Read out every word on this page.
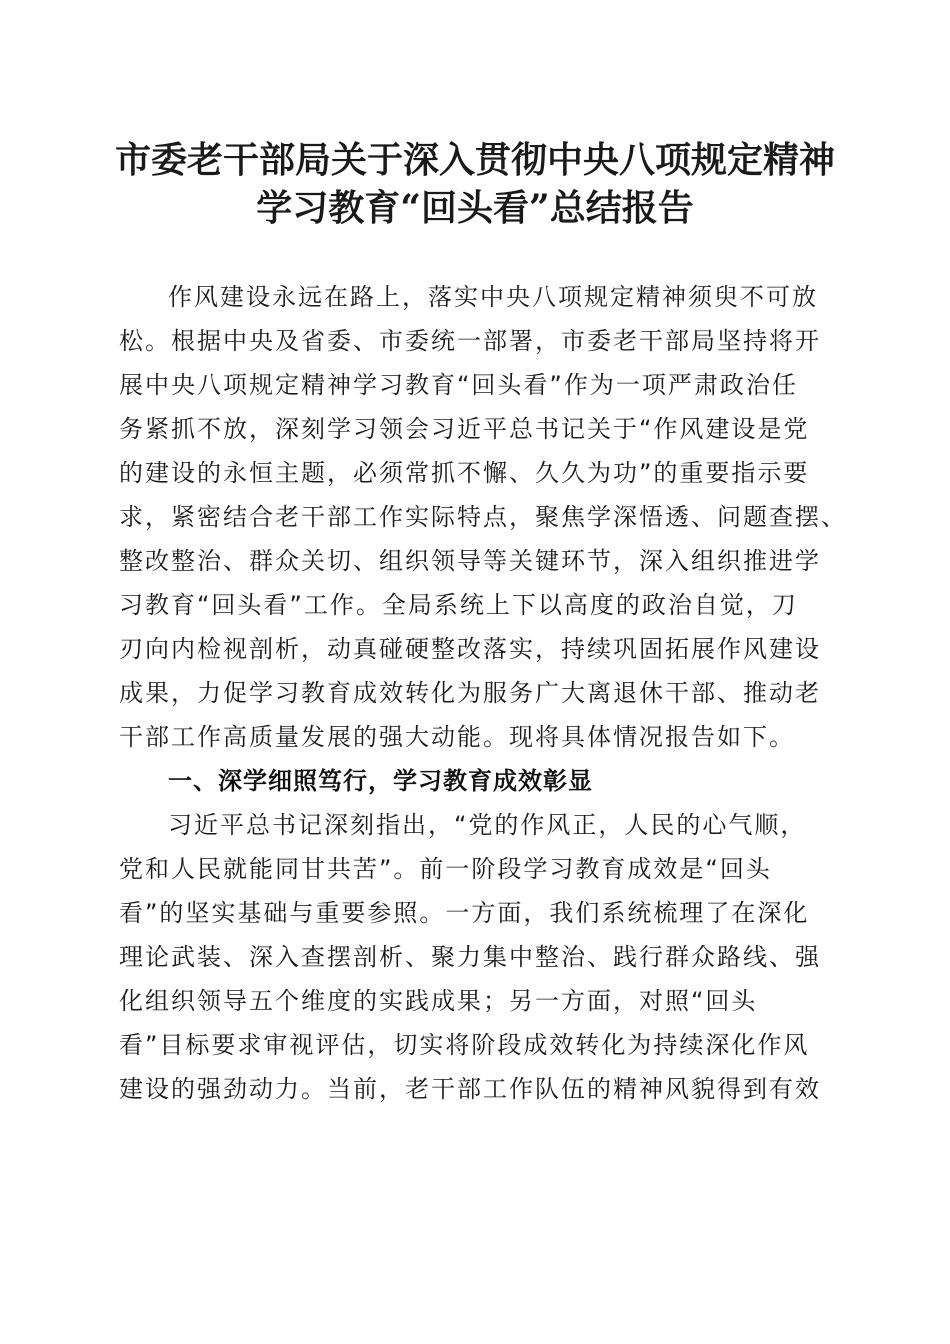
市委老干部局关于深入贯彻中央八项规定精神
学习教育“回头看”总结报告
作风建设永远在路上，落实中央八项规定精神须臾不可放
松。根据中央及省委、市委统一部署，市委老干部局坚持将开
展中央八项规定精神学习教育“回头看”作为一项严肃政治任
务紧抓不放，深刻学习领会习近平总书记关于“作风建设是党
的建设的永恒主题，必须常抓不懈、久久为功”的重要指示要
求，紧密结合老干部工作实际特点，聚焦学深悟透、问题查摆、
整改整治、群众关切、组织领导等关键环节，深入组织推进学
习教育“回头看”工作。全局系统上下以高度的政治自觉，刀
刃向内检视剖析，动真碰硬整改落实，持续巩固拓展作风建设
成果，力促学习教育成效转化为服务广大离退休干部、推动老
干部工作高质量发展的强大动能。现将具体情况报告如下。
一、深学细照笃行，学习教育成效彰显
习近平总书记深刻指出，“党的作风正，人民的心气顺，
党和人民就能同甘共苦”。前一阶段学习教育成效是“回头
看”的坚实基础与重要参照。一方面，我们系统梳理了在深化
理论武装、深入查摆剖析、聚力集中整治、践行群众路线、强
化组织领导五个维度的实践成果；另一方面，对照“回头
看”目标要求审视评估，切实将阶段成效转化为持续深化作风
建设的强劲动力。当前，老干部工作队伍的精神风貌得到有效
